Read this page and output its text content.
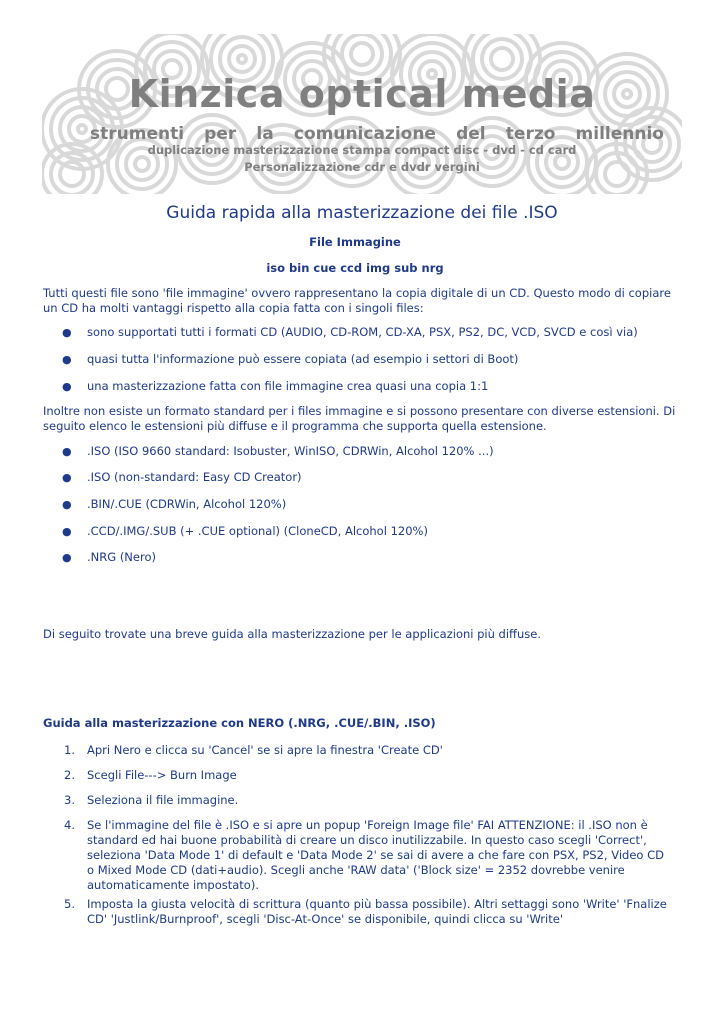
Kinzica optical media
strumenti per la comunicazione del terzo millennio
duplicazione masterizzazione stampa compact disc - dvd - cd card
Personalizzazione cdr e dvdr vergini
Guida rapida alla masterizzazione dei file .ISO
File Immagine
iso bin cue ccd img sub nrg
Tutti questi file sono 'file immagine' ovvero rappresentano la copia digitale di un CD. Questo modo di copiare un CD ha molti vantaggi rispetto alla copia fatta con i singoli files:
● sono supportati tutti i formati CD (AUDIO, CD-ROM, CD-XA, PSX, PS2, DC, VCD, SVCD e così via)
● quasi tutta l'informazione può essere copiata (ad esempio i settori di Boot)
● una masterizzazione fatta con file immagine crea quasi una copia 1:1
Inoltre non esiste un formato standard per i files immagine e si possono presentare con diverse estensioni. Di seguito elenco le estensioni più diffuse e il programma che supporta quella estensione.
● .ISO (ISO 9660 standard: Isobuster, WinISO, CDRWin, Alcohol 120% ...)
● .ISO (non-standard: Easy CD Creator)
● .BIN/.CUE (CDRWin, Alcohol 120%)
● .CCD/.IMG/.SUB (+ .CUE optional) (CloneCD, Alcohol 120%)
● .NRG (Nero)
Di seguito trovate una breve guida alla masterizzazione per le applicazioni più diffuse.
Guida alla masterizzazione con NERO (.NRG, .CUE/.BIN, .ISO)
1.	Apri Nero e clicca su 'Cancel' se si apre la finestra 'Create CD'
2.	Scegli File---> Burn Image
3.	Seleziona il file immagine.
4.	Se l'immagine del file è .ISO e si apre un popup 'Foreign Image file' FAI ATTENZIONE: il .ISO non è standard ed hai buone probabilità di creare un disco inutilizzabile. In questo caso scegli 'Correct', seleziona 'Data Mode 1' di default e 'Data Mode 2' se sai di avere a che fare con PSX, PS2, Video CD o Mixed Mode CD (dati+audio). Scegli anche 'RAW data' ('Block size' = 2352 dovrebbe venire automaticamente impostato).
5.	Imposta la giusta velocità di scrittura (quanto più bassa possibile). Altri settaggi sono 'Write' 'Fnalize CD' 'Justlink/Burnproof', scegli 'Disc-At-Once' se disponibile, quindi clicca su 'Write'
